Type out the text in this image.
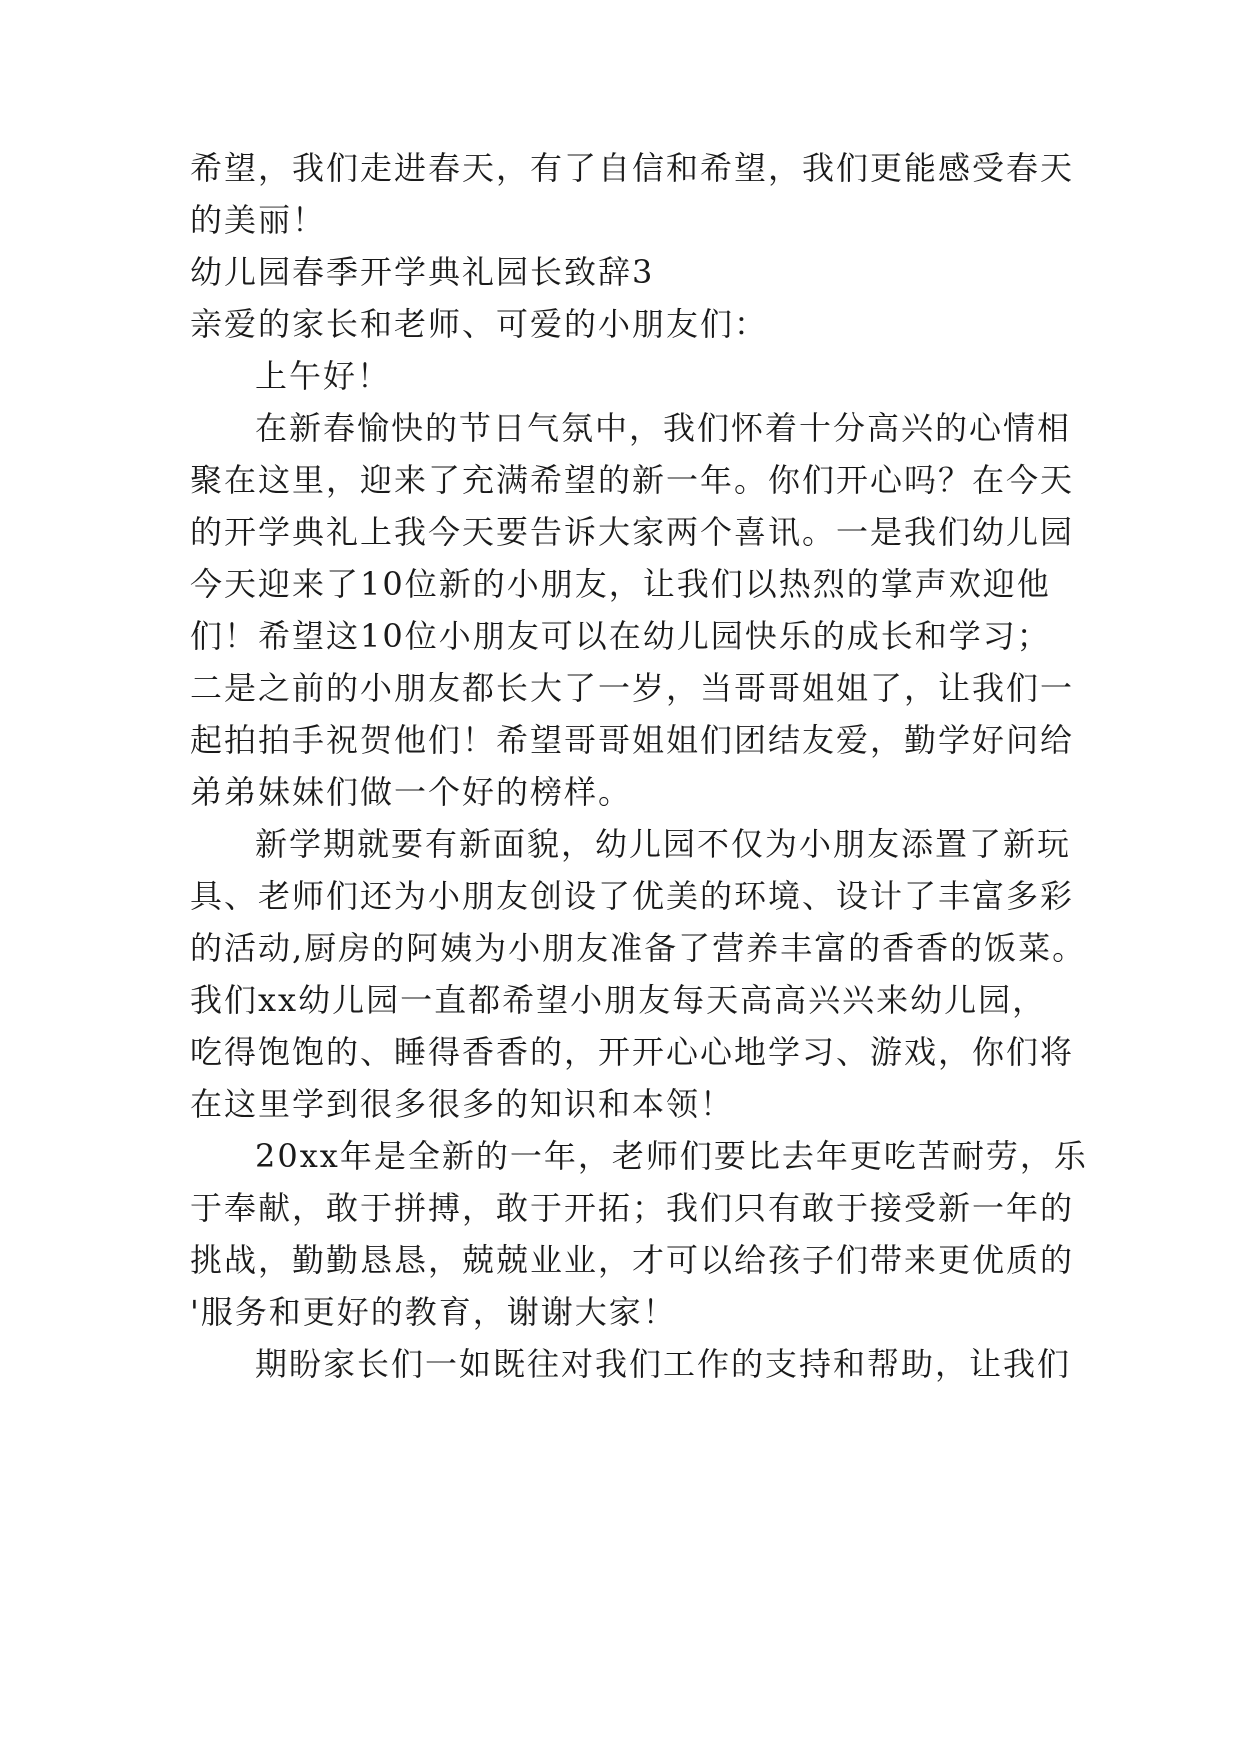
希望，我们走进春天，有了自信和希望，我们更能感受春天
的美丽！
幼儿园春季开学典礼园长致辞3
亲爱的家长和老师、可爱的小朋友们：
上午好！
在新春愉快的节日气氛中，我们怀着十分高兴的心情相
聚在这里，迎来了充满希望的新一年。你们开心吗？在今天
的开学典礼上我今天要告诉大家两个喜讯。一是我们幼儿园
今天迎来了10位新的小朋友，让我们以热烈的掌声欢迎他
们！希望这10位小朋友可以在幼儿园快乐的成长和学习；
二是之前的小朋友都长大了一岁，当哥哥姐姐了，让我们一
起拍拍手祝贺他们！希望哥哥姐姐们团结友爱，勤学好问给
弟弟妹妹们做一个好的榜样。
新学期就要有新面貌，幼儿园不仅为小朋友添置了新玩
具、老师们还为小朋友创设了优美的环境、设计了丰富多彩
的活动,厨房的阿姨为小朋友准备了营养丰富的香香的饭菜。
我们xx幼儿园一直都希望小朋友每天高高兴兴来幼儿园，
吃得饱饱的、睡得香香的，开开心心地学习、游戏，你们将
在这里学到很多很多的知识和本领！
20xx年是全新的一年，老师们要比去年更吃苦耐劳，乐
于奉献，敢于拼搏，敢于开拓；我们只有敢于接受新一年的
挑战，勤勤恳恳，兢兢业业，才可以给孩子们带来更优质的
'服务和更好的教育，谢谢大家！
期盼家长们一如既往对我们工作的支持和帮助，让我们
